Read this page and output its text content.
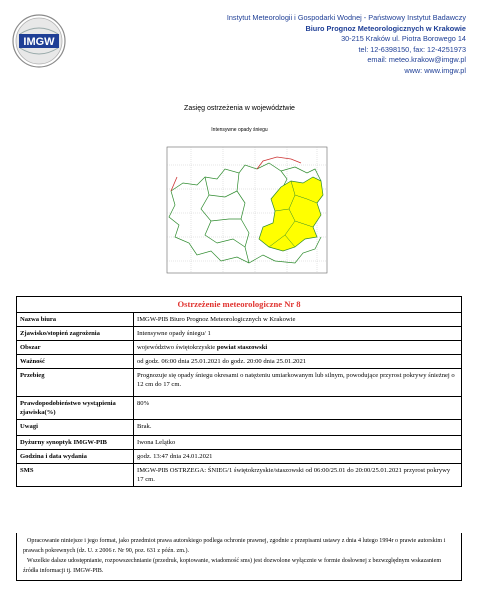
IMGW
Instytut Meteorologii i Gospodarki Wodnej - Państwowy Instytut Badawczy
Biuro Prognoz Meteorologicznych w Krakowie
30-215 Kraków ul. Piotra Borowego 14
tel: 12-6398150, fax: 12-4251973
email: meteo.krakow@imgw.pl
www: www.imgw.pl
Zasięg ostrzeżenia w województwie
Intensywne opady śniegu
Ostrzeżenie meteorologiczne Nr 8	
Nazwa biura	IMGW-PIB Biuro Prognoz Meteorologicznych w Krakowie
Zjawisko/stopień zagrożenia	Intensywne opady śniegu/ 1
Obszar	województwo świętokrzyskie powiat staszowski
Ważność	od godz. 06:00 dnia 25.01.2021 do godz. 20:00 dnia 25.01.2021
Przebieg	Prognozuje się opady śniegu okresami o natężeniu umiarkowanym lub silnym, powodujące przyrost pokrywy śnieżnej o 12 cm do 17 cm.
Prawdopodobieństwo wystąpienia zjawiska(%)	80%
Uwagi	Brak.
Dyżurny synoptyk IMGW-PIB	Iwona Lelątko
Godzina i data wydania	godz. 13:47 dnia 24.01.2021
SMS	IMGW-PIB OSTRZEGA: ŚNIEG/1 świętokrzyskie/staszowski od 06:00/25.01 do 20:00/25.01.2021 przyrost pokrywy 17 cm.

Opracowanie niniejsze i jego format, jako przedmiot prawa autorskiego podlega ochronie prawnej, zgodnie z przepisami ustawy z dnia 4 lutego 1994r o prawie autorskim i prawach pokrewnych (dz. U. z 2006 r. Nr 90, poz. 631 z późn. zm.).

Wszelkie dalsze udostępnianie, rozpowszechnianie (przedruk, kopiowanie, wiadomość sms) jest dozwolone wyłącznie w formie dosłownej z bezwzględnym wskazaniem źródła informacji tj. IMGW-PIB.
